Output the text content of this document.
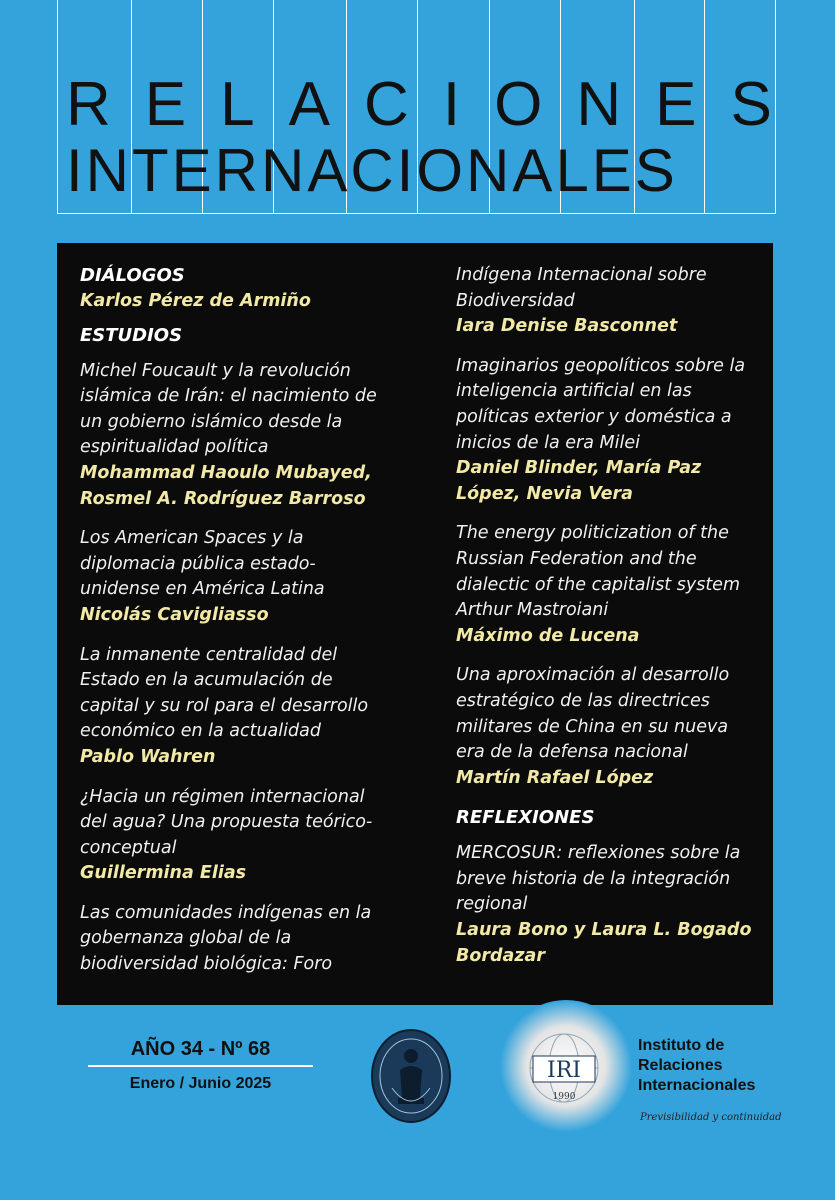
R E L A C I O N E S
INTERNACIONALES
DIÁLOGOS
Karlos Pérez de Armiño
ESTUDIOS
Michel Foucault y la revolución
islámica de Irán: el nacimiento de
un gobierno islámico desde la
espiritualidad política
Mohammad Haoulo Mubayed,
Rosmel A. Rodríguez Barroso
Los American Spaces y la
diplomacia pública estado-
unidense en América Latina
Nicolás Cavigliasso
La inmanente centralidad del
Estado en la acumulación de
capital y su rol para el desarrollo
económico en la actualidad
Pablo Wahren
¿Hacia un régimen internacional
del agua? Una propuesta teórico-
conceptual
Guillermina Elias
Las comunidades indígenas en la
gobernanza global de la
biodiversidad biológica: Foro
Indígena Internacional sobre
Biodiversidad
Iara Denise Basconnet
Imaginarios geopolíticos sobre la
inteligencia artificial en las
políticas exterior y doméstica a
inicios de la era Milei
Daniel Blinder, María Paz
López, Nevia Vera
The energy politicization of the
Russian Federation and the
dialectic of the capitalist system
Arthur Mastroiani
Máximo de Lucena
Una aproximación al desarrollo
estratégico de las directrices
militares de China en su nueva
era de la defensa nacional
Martín Rafael López
REFLEXIONES
MERCOSUR: reflexiones sobre la
breve historia de la integración
regional
Laura Bono y Laura L. Bogado
Bordazar
AÑO 34 - Nº 68
Enero / Junio 2025
IRI
1990
Instituto de
Relaciones
Internacionales
Previsibilidad y continuidad
